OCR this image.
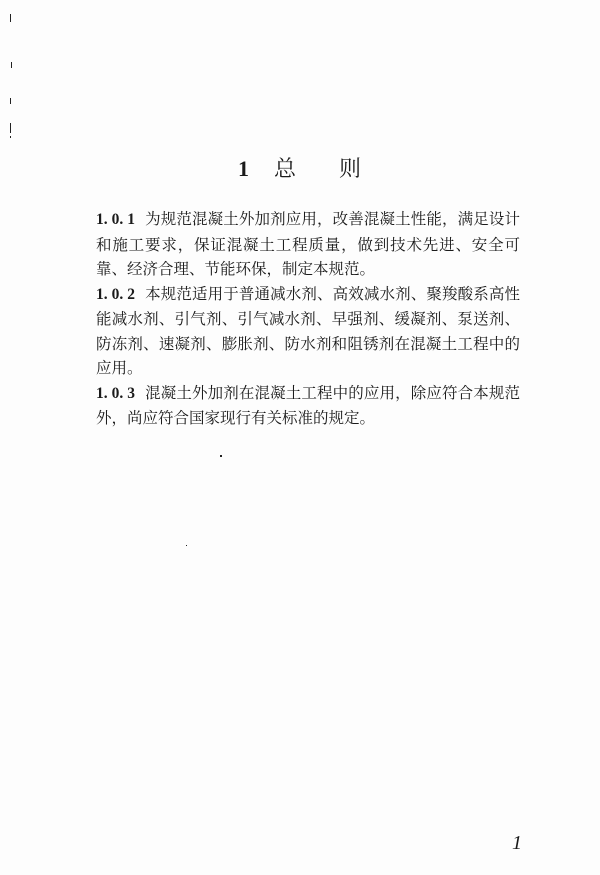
1 总 则

1. 0. 1 为规范混凝土外加剂应用，改善混凝土性能，满足设计和施工要求，保证混凝土工程质量，做到技术先进、安全可靠、经济合理、节能环保，制定本规范。

1. 0. 2 本规范适用于普通减水剂、高效减水剂、聚羧酸系高性能减水剂、引气剂、引气减水剂、早强剂、缓凝剂、泵送剂、防冻剂、速凝剂、膨胀剂、防水剂和阻锈剂在混凝土工程中的应用。

1. 0. 3 混凝土外加剂在混凝土工程中的应用，除应符合本规范外，尚应符合国家现行有关标准的规定。

1
